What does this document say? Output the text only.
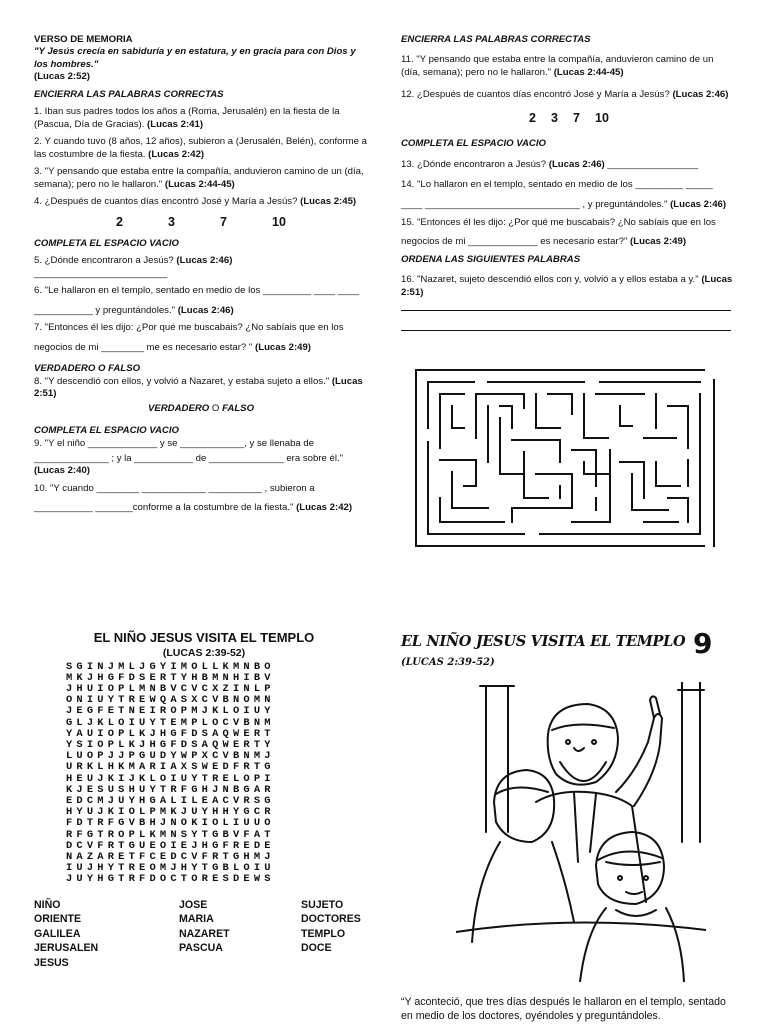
VERSO DE MEMORIA

"Y Jesús crecía en sabiduría y en estatura, y en gracia para con Dios y los hombres."

(Lucas 2:52)

ENCIERRA LAS PALABRAS CORRECTAS

1. Iban sus padres todos los años a (Roma, Jerusalén) en la fiesta de la (Pascua, Día de Gracias). (Lucas 2:41)

2. Y cuando tuvo (8 años, 12 años), subieron a (Jerusalén, Belén), conforme a las costumbre de la fiesta. (Lucas 2:42)

3. "Y pensando que estaba entre la compañía, anduvieron camino de un (día, semana); pero no le hallaron." (Lucas 2:44-45)

4. ¿Después de cuantos días encontró José y María a Jesús? (Lucas 2:45)

2	3	7	10

COMPLETA EL ESPACIO VACIO

5. ¿Dónde encontraron a Jesús? (Lucas 2:46) _________________________

6. "Le hallaron en el templo, sentado en medio de los _________ ____ ____

___________ y preguntándoles." (Lucas 2:46)

7. "Entonces él les dijo: ¿Por qué me buscabais? ¿No sabíais que en los

negocios de mi ________ me es necesario estar? " (Lucas 2:49)

VERDADERO O FALSO

8. "Y descendió con ellos, y volvió a Nazaret, y estaba sujeto a ellos." (Lucas 2:51)

VERDADERO O FALSO

COMPLETA EL ESPACIO VACIO

9. "Y el niño _____________ y se ____________, y se llenaba de

______________ ; y la ___________ de ______________ era sobre él."

(Lucas 2:40)

10. "Y cuando ________ ____________ __________ , subieron a

___________ _______conforme a la costumbre de la fiesta." (Lucas 2:42)

ENCIERRA LAS PALABRAS CORRECTAS

11. "Y pensando que estaba entre la compañía, anduvieron camino de un (día, semana); pero no le hallaron." (Lucas 2:44-45)

12. ¿Después de cuantos días encontró José y María a Jesús? (Lucas 2:46)

2	3	7	10

COMPLETA EL ESPACIO VACIO

13. ¿Dónde encontraron a Jesús? (Lucas 2:46) _________________

14. "Lo hallaron en el templo, sentado en medio de los _________ _____

____ _____________________________ , y preguntándoles." (Lucas 2:46)

15. "Entonces él les dijo: ¿Por qué me buscabais? ¿No sabíais que en los

negocios de mi _____________ es necesario estar?" (Lucas 2:49)

ORDENA LAS SIGUIENTES PALABRAS

16. "Nazaret, sujeto descendió ellos con y, volvió a y ellos estaba a y." (Lucas 2:51)

EL NIÑO JESUS VISITA EL TEMPLO

(LUCAS 2:39-52)

SGINJMLJGYIMOLLKMNBO
MKJHGFDSERTYHBMNHIBV
JHUIOPLMNBVCVCXZINLP
ONIUYTREWQASXCVBNOMN
JEGFETNEIROPMJKLOIUY
GLJKLOIUYTEMPLOCVBNM
YAUIOPLKJHGFDSAQWERT
YSIOPLKJHGFDSAQWERTY
LUOPJJPGUDYWPXCVBNMJ
URKLHKMARIAXSWEDFRTG
HEUJKIJKLOIUYTRELOPI
KJESUSHUYTRFGHJNBGAR
EDCMJUYHGALILEACVRSG
HYUJKIOLPMKJUYHHYGCR
FDTRFGVBHJNOKIOLIUUO
RFGTROPLKMNSYTGBVFAT
DCVFRTGUEOIEJHGFREDE
NAZARETFCEDCVFRTGHMJ
IUJHYTREOMJHYTGBLOIU
JUYHGTRFDOCTORESDEWS
NIÑO	JOSE	SUJETO
ORIENTE	MARIA	DOCTORES
GALILEA	NAZARET	TEMPLO
JERUSALEN	PASCUA	DOCE
JESUS

EL NIÑO JESUS VISITA EL TEMPLO 9

(LUCAS 2:39-52)

“Y aconteció, que tres días después le hallaron en el templo, sentado en medio de los doctores, oyéndoles y preguntándoles.
